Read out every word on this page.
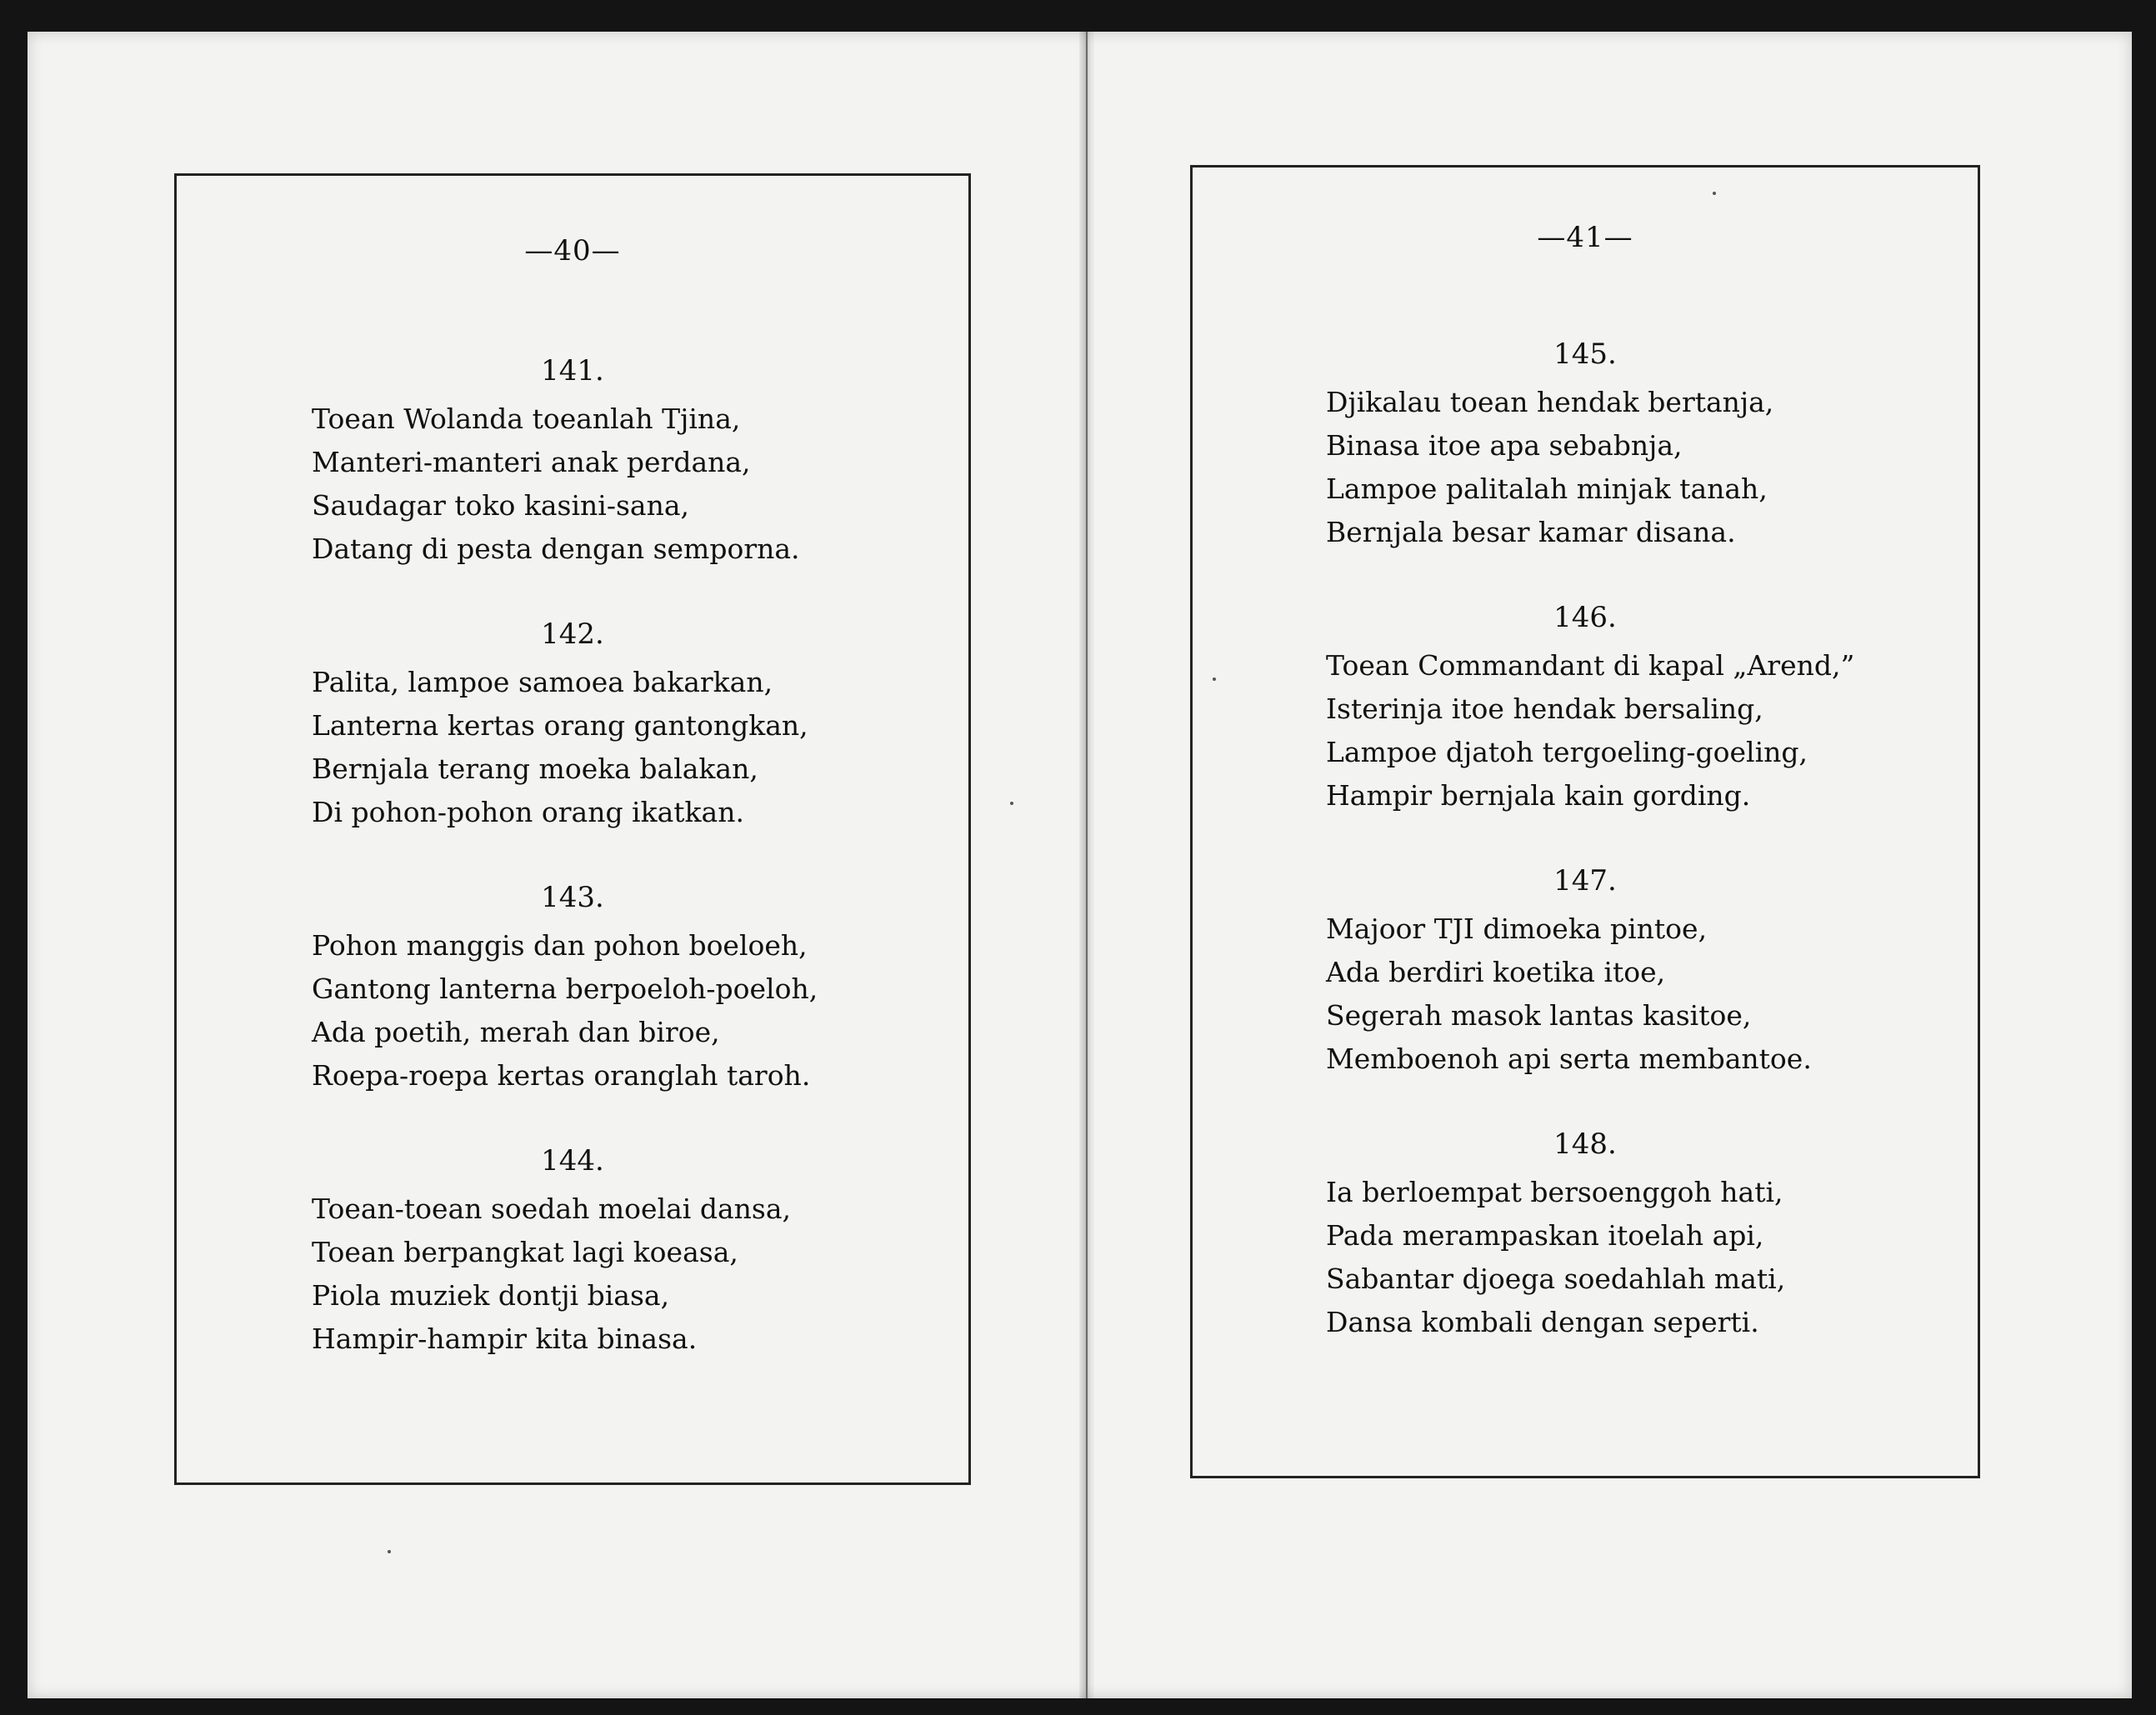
—40—
141.
Toean Wolanda toeanlah Tjina,
Manteri-manteri anak perdana,
Saudagar toko kasini-sana,
Datang di pesta dengan semporna.
142.
Palita, lampoe samoea bakarkan,
Lanterna kertas orang gantongkan,
Bernjala terang moeka balakan,
Di pohon-pohon orang ikatkan.
143.
Pohon manggis dan pohon boeloeh,
Gantong lanterna berpoeloh-poeloh,
Ada poetih, merah dan biroe,
Roepa-roepa kertas oranglah taroh.
144.
Toean-toean soedah moelai dansa,
Toean berpangkat lagi koeasa,
Piola muziek dontji biasa,
Hampir-hampir kita binasa.
—41—
145.
Djikalau toean hendak bertanja,
Binasa itoe apa sebabnja,
Lampoe palitalah minjak tanah,
Bernjala besar kamar disana.
146.
Toean Commandant di kapal „Arend,”
Isterinja itoe hendak bersaling,
Lampoe djatoh tergoeling-goeling,
Hampir bernjala kain gording.
147.
Majoor TJI dimoeka pintoe,
Ada berdiri koetika itoe,
Segerah masok lantas kasitoe,
Memboenoh api serta membantoe.
148.
Ia berloempat bersoenggoh hati,
Pada merampaskan itoelah api,
Sabantar djoega soedahlah mati,
Dansa kombali dengan seperti.
